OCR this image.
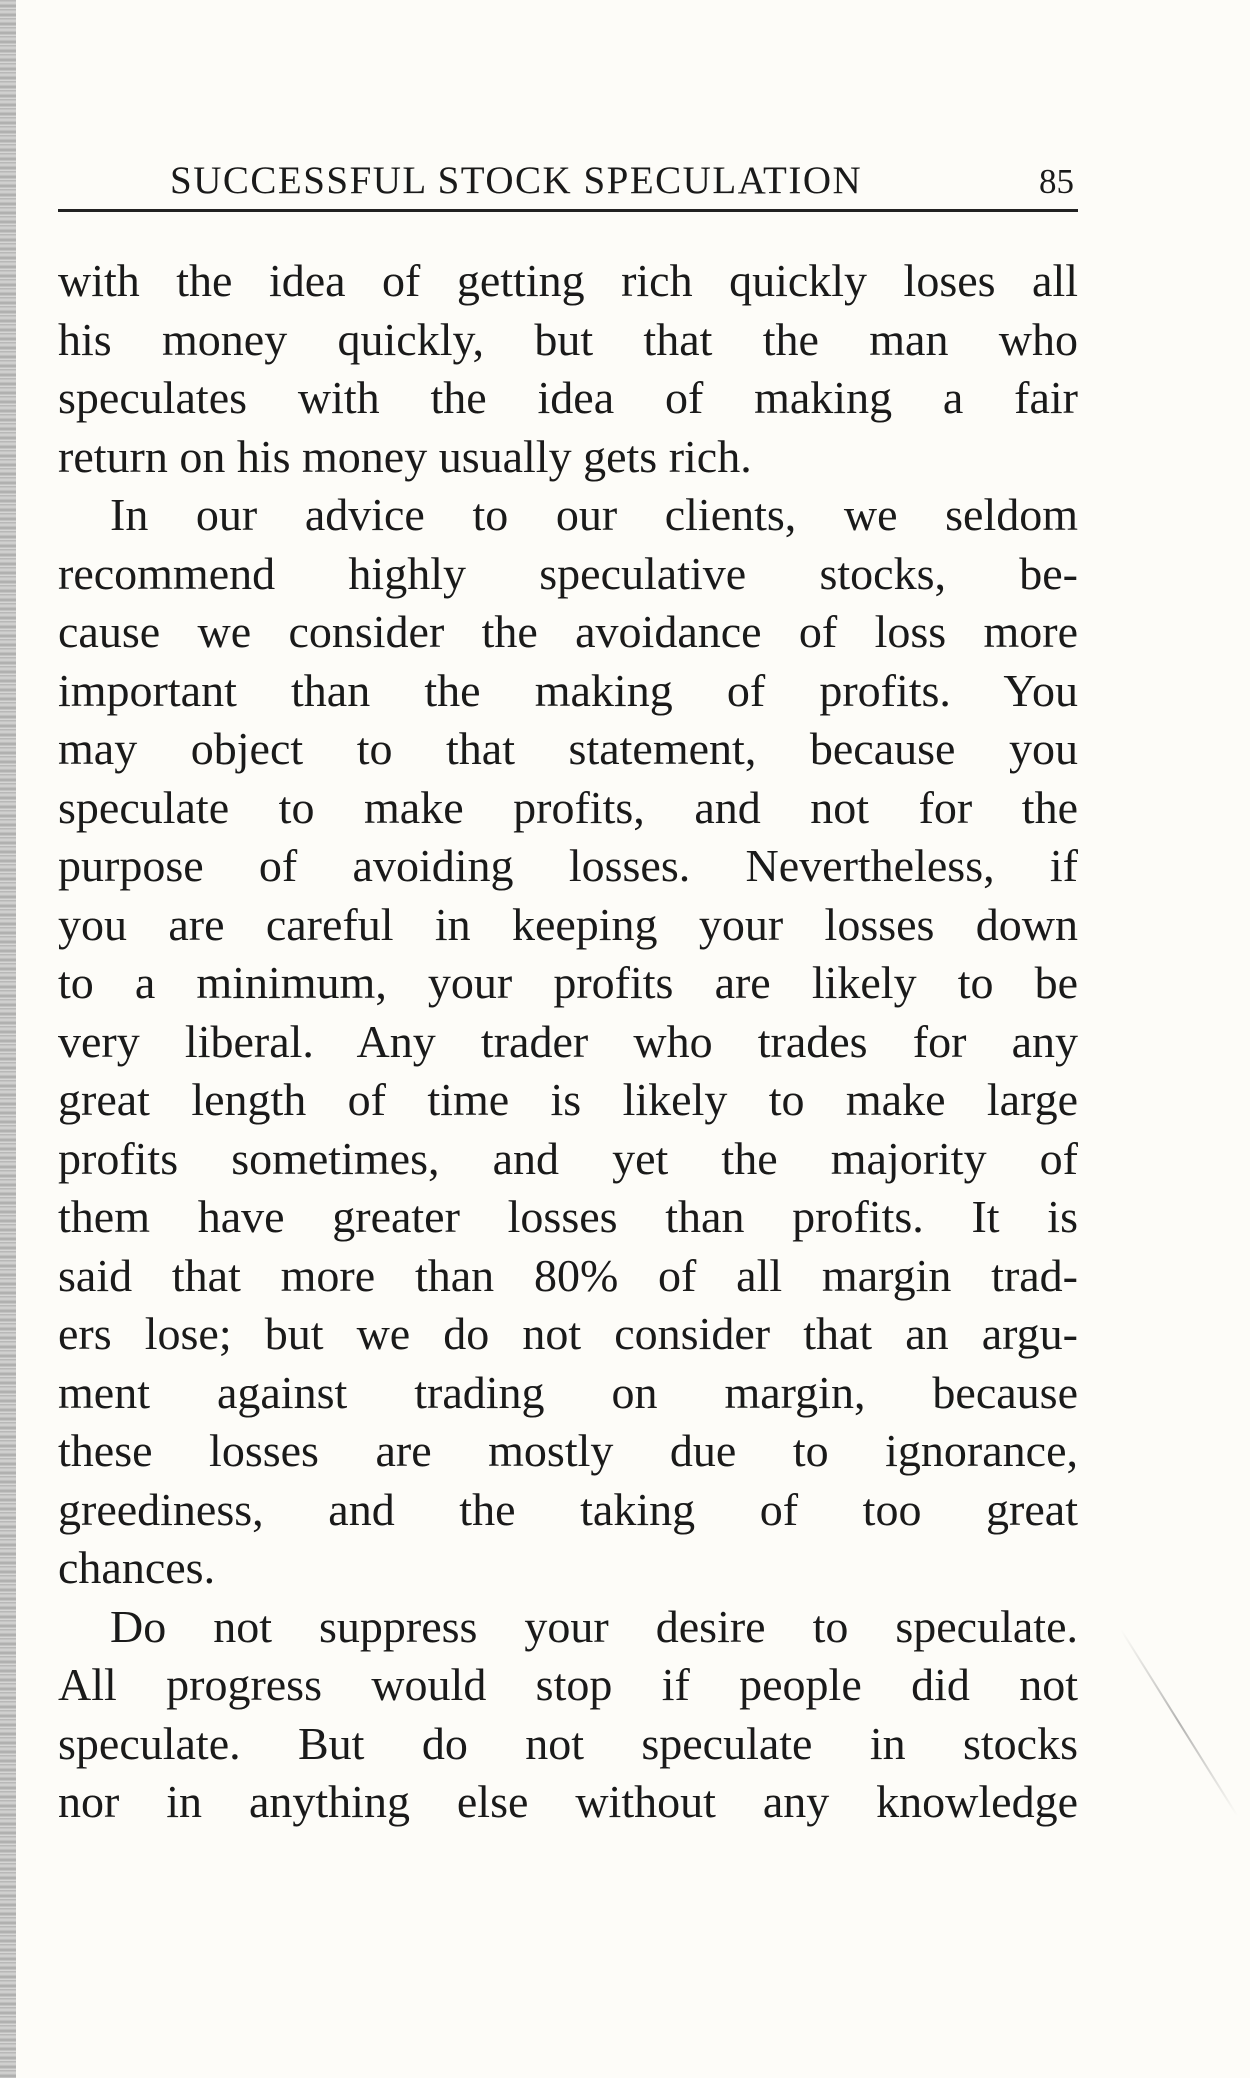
SUCCESSFUL STOCK SPECULATION	85

with the idea of getting rich quickly loses all
his money quickly, but that the man who
speculates with the idea of making a fair
return on his money usually gets rich.

In our advice to our clients, we seldom
recommend highly speculative stocks, be-
cause we consider the avoidance of loss more
important than the making of profits. You
may object to that statement, because you
speculate to make profits, and not for the
purpose of avoiding losses. Nevertheless, if
you are careful in keeping your losses down
to a minimum, your profits are likely to be
very liberal. Any trader who trades for any
great length of time is likely to make large
profits sometimes, and yet the majority of
them have greater losses than profits. It is
said that more than 80% of all margin trad-
ers lose; but we do not consider that an argu-
ment against trading on margin, because
these losses are mostly due to ignorance,
greediness, and the taking of too great
chances.

Do not suppress your desire to speculate.
All progress would stop if people did not
speculate. But do not speculate in stocks
nor in anything else without any knowledge
